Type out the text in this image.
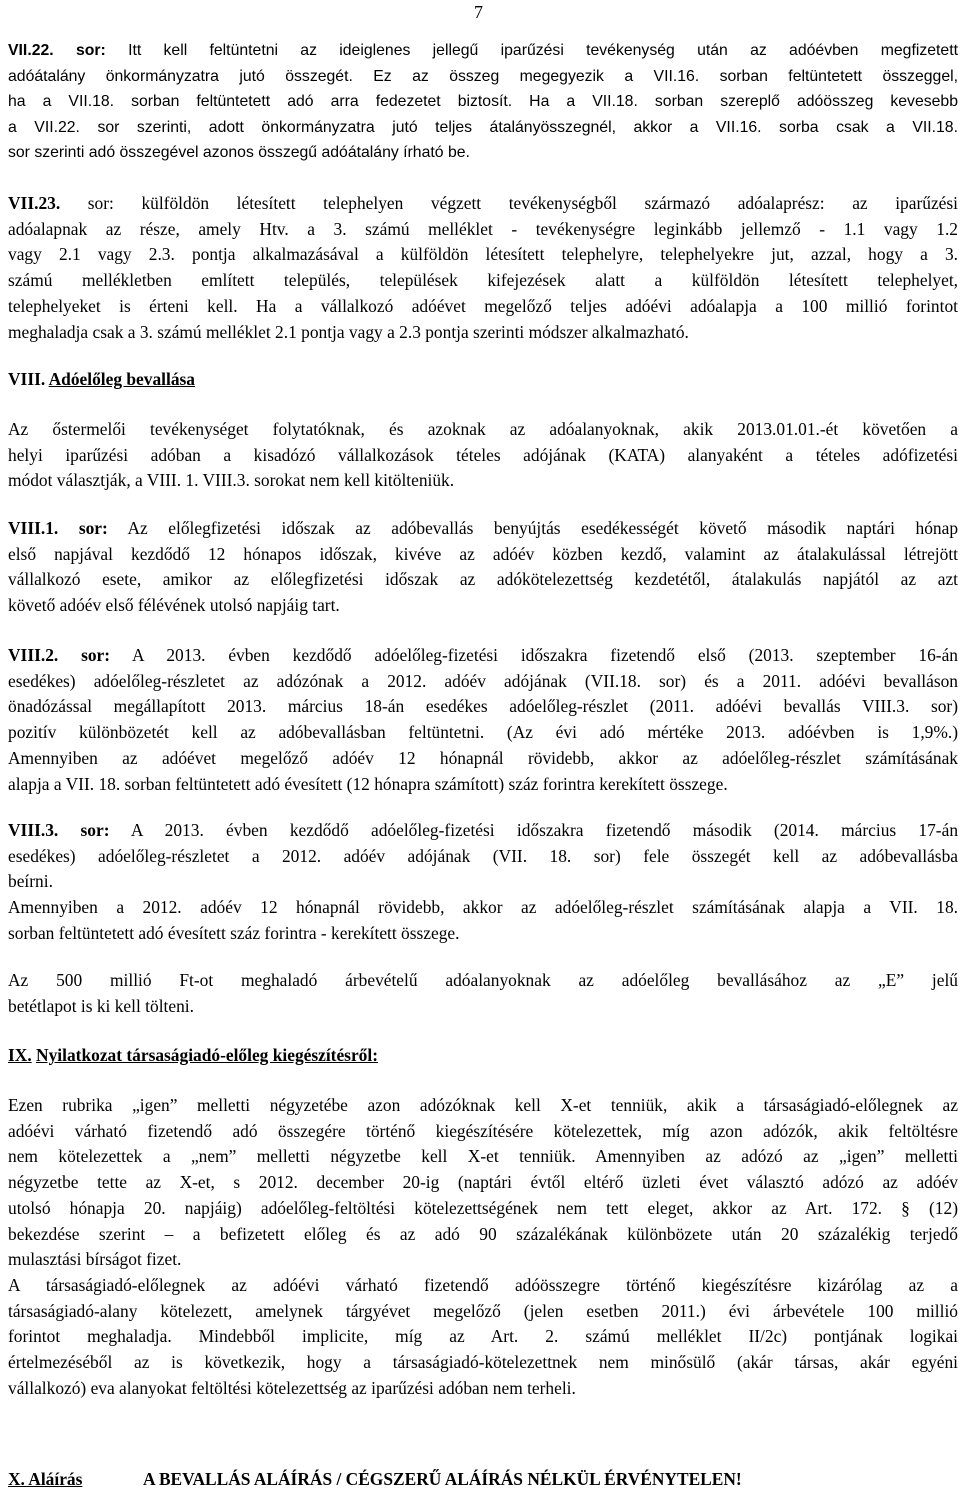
7
VII.22. sor: Itt kell feltüntetni az ideiglenes jellegű iparűzési tevékenység után az adóévben megfizetett
adóátalány önkormányzatra jutó összegét. Ez az összeg megegyezik a VII.16. sorban feltüntetett összeggel,
ha a VII.18. sorban feltüntetett adó arra fedezetet biztosít. Ha a VII.18. sorban szereplő adóösszeg kevesebb
a VII.22. sor szerinti, adott önkormányzatra jutó teljes átalányösszegnél, akkor a VII.16. sorba csak a VII.18.
sor szerinti adó összegével azonos összegű adóátalány írható be.
VII.23. sor: külföldön létesített telephelyen végzett tevékenységből származó adóalaprész: az iparűzési
adóalapnak az része, amely Htv. a 3. számú melléklet - tevékenységre leginkább jellemző - 1.1 vagy 1.2
vagy 2.1 vagy 2.3. pontja alkalmazásával a külföldön létesített telephelyre, telephelyekre jut, azzal, hogy a 3.
számú mellékletben említett település, települések kifejezések alatt a külföldön létesített telephelyet,
telephelyeket is érteni kell. Ha a vállalkozó adóévet megelőző teljes adóévi adóalapja a 100 millió forintot
meghaladja csak a 3. számú melléklet 2.1 pontja vagy a 2.3 pontja szerinti módszer alkalmazható.
VIII. Adóelőleg bevallása
Az őstermelői tevékenységet folytatóknak, és azoknak az adóalanyoknak, akik 2013.01.01.-ét követően a
helyi iparűzési adóban a kisadózó vállalkozások tételes adójának (KATA) alanyaként a tételes adófizetési
módot választják, a VIII. 1. VIII.3. sorokat nem kell kitölteniük.
VIII.1. sor: Az előlegfizetési időszak az adóbevallás benyújtás esedékességét követő második naptári hónap
első napjával kezdődő 12 hónapos időszak, kivéve az adóév közben kezdő, valamint az átalakulással létrejött
vállalkozó esete, amikor az előlegfizetési időszak az adókötelezettség kezdetétől, átalakulás napjától az azt
követő adóév első félévének utolsó napjáig tart.
VIII.2. sor: A 2013. évben kezdődő adóelőleg-fizetési időszakra fizetendő első (2013. szeptember 16-án
esedékes) adóelőleg-részletet az adózónak a 2012. adóév adójának (VII.18. sor) és a 2011. adóévi bevalláson
önadózással megállapított 2013. március 18-án esedékes adóelőleg-részlet (2011. adóévi bevallás VIII.3. sor)
pozitív különbözetét kell az adóbevallásban feltüntetni. (Az évi adó mértéke 2013. adóévben is 1,9%.)
Amennyiben az adóévet megelőző adóév 12 hónapnál rövidebb, akkor az adóelőleg-részlet számításának
alapja a VII. 18. sorban feltüntetett adó évesített (12 hónapra számított) száz forintra kerekített összege.
VIII.3. sor: A 2013. évben kezdődő adóelőleg-fizetési időszakra fizetendő második (2014. március 17-án
esedékes) adóelőleg-részletet a 2012. adóév adójának (VII. 18. sor) fele összegét kell az adóbevallásba
beírni.
Amennyiben a 2012. adóév 12 hónapnál rövidebb, akkor az adóelőleg-részlet számításának alapja a VII. 18.
sorban feltüntetett adó évesített száz forintra - kerekített összege.
Az 500 millió Ft-ot meghaladó árbevételű adóalanyoknak az adóelőleg bevallásához az „E” jelű
betétlapot is ki kell tölteni.
IX. Nyilatkozat társaságiadó-előleg kiegészítésről:
Ezen rubrika „igen” melletti négyzetébe azon adózóknak kell X-et tenniük, akik a társaságiadó-előlegnek az
adóévi várható fizetendő adó összegére történő kiegészítésére kötelezettek, míg azon adózók, akik feltöltésre
nem kötelezettek a „nem” melletti négyzetbe kell X-et tenniük. Amennyiben az adózó az „igen” melletti
négyzetbe tette az X-et, s 2012. december 20-ig (naptári évtől eltérő üzleti évet választó adózó az adóév
utolsó hónapja 20. napjáig) adóelőleg-feltöltési kötelezettségének nem tett eleget, akkor az Art. 172. § (12)
bekezdése szerint – a befizetett előleg és az adó 90 százalékának különbözete után 20 százalékig terjedő
mulasztási bírságot fizet.
A társaságiadó-előlegnek az adóévi várható fizetendő adóösszegre történő kiegészítésre kizárólag az a
társaságiadó-alany kötelezett, amelynek tárgyévet megelőző (jelen esetben 2011.) évi árbevétele 100 millió
forintot meghaladja. Mindebből implicite, míg az Art. 2. számú melléklet II/2c) pontjának logikai
értelmezéséből az is következik, hogy a társaságiadó-kötelezettnek nem minősülő (akár társas, akár egyéni
vállalkozó) eva alanyokat feltöltési kötelezettség az iparűzési adóban nem terheli.
X. Aláírás	A BEVALLÁS ALÁÍRÁS / CÉGSZERŰ ALÁÍRÁS NÉLKÜL ÉRVÉNYTELEN!
